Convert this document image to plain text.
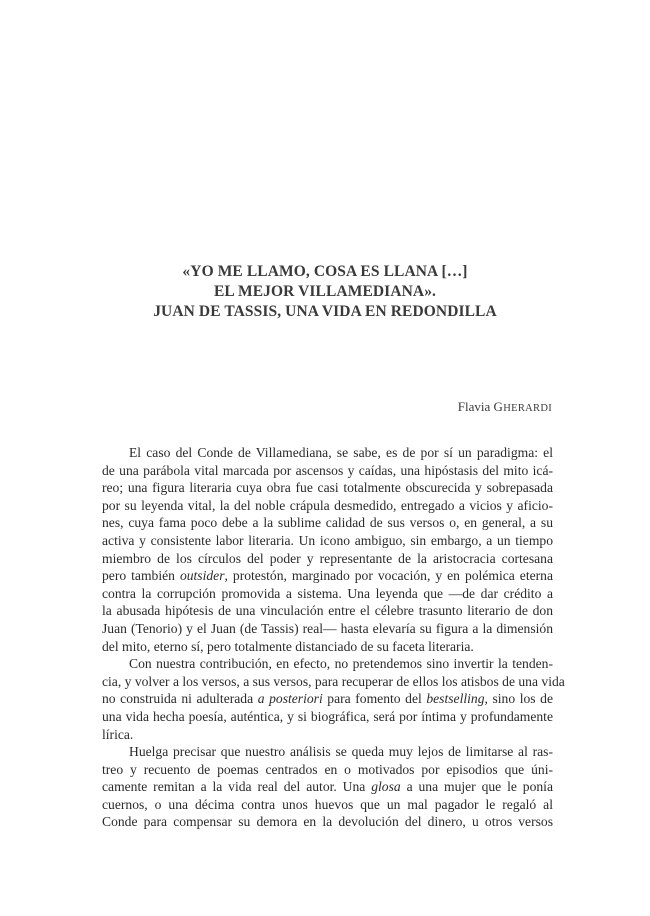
«YO ME LLAMO, COSA ES LLANA […]
EL MEJOR VILLAMEDIANA».
JUAN DE TASSIS, UNA VIDA EN REDONDILLA
Flavia GHERARDI
El caso del Conde de Villamediana, se sabe, es de por sí un paradigma: el
de una parábola vital marcada por ascensos y caídas, una hipóstasis del mito icá-
reo; una figura literaria cuya obra fue casi totalmente obscurecida y sobrepasada
por su leyenda vital, la del noble crápula desmedido, entregado a vicios y aficio-
nes, cuya fama poco debe a la sublime calidad de sus versos o, en general, a su
activa y consistente labor literaria. Un icono ambiguo, sin embargo, a un tiempo
miembro de los círculos del poder y representante de la aristocracia cortesana
pero también outsider, protestón, marginado por vocación, y en polémica eterna
contra la corrupción promovida a sistema. Una leyenda que —de dar crédito a
la abusada hipótesis de una vinculación entre el célebre trasunto literario de don
Juan (Tenorio) y el Juan (de Tassis) real— hasta elevaría su figura a la dimensión
del mito, eterno sí, pero totalmente distanciado de su faceta literaria.
Con nuestra contribución, en efecto, no pretendemos sino invertir la tenden-
cia, y volver a los versos, a sus versos, para recuperar de ellos los atisbos de una vida
no construida ni adulterada a posteriori para fomento del bestselling, sino los de
una vida hecha poesía, auténtica, y si biográfica, será por íntima y profundamente
lírica.
Huelga precisar que nuestro análisis se queda muy lejos de limitarse al ras-
treo y recuento de poemas centrados en o motivados por episodios que úni-
camente remitan a la vida real del autor. Una glosa a una mujer que le ponía
cuernos, o una décima contra unos huevos que un mal pagador le regaló al
Conde para compensar su demora en la devolución del dinero, u otros versos
